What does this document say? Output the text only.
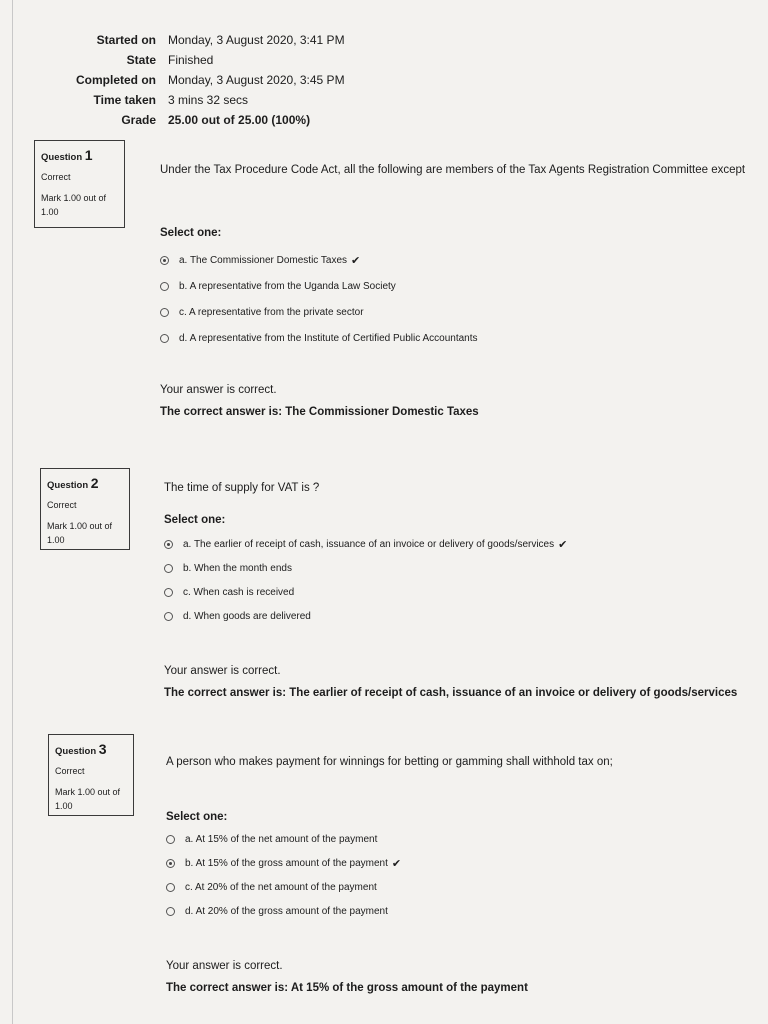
Started on	Monday, 3 August 2020, 3:41 PM
State	Finished
Completed on	Monday, 3 August 2020, 3:45 PM
Time taken	3 mins 32 secs
Grade	25.00 out of 25.00 (100%)
Question 1
Correct
Mark 1.00 out of 1.00
Under the Tax Procedure Code Act, all the following are members of the Tax Agents Registration Committee except
Select one:
a. The Commissioner Domestic Taxes ✔
b. A representative from the Uganda Law Society
c. A representative from the private sector
d. A representative from the Institute of Certified Public Accountants
Your answer is correct.
The correct answer is: The Commissioner Domestic Taxes
Question 2
Correct
Mark 1.00 out of 1.00
The time of supply for VAT is ?
Select one:
a. The earlier of receipt of cash, issuance of an invoice or delivery of goods/services ✔
b. When the month ends
c. When cash is received
d. When goods are delivered
Your answer is correct.
The correct answer is: The earlier of receipt of cash, issuance of an invoice or delivery of goods/services
Question 3
Correct
Mark 1.00 out of 1.00
A person who makes payment for winnings for betting or gamming shall withhold tax on;
Select one:
a. At 15% of the net amount of the payment
b. At 15% of the gross amount of the payment ✔
c. At 20% of the net amount of the payment
d. At 20% of the gross amount of the payment
Your answer is correct.
The correct answer is: At 15% of the gross amount of the payment
